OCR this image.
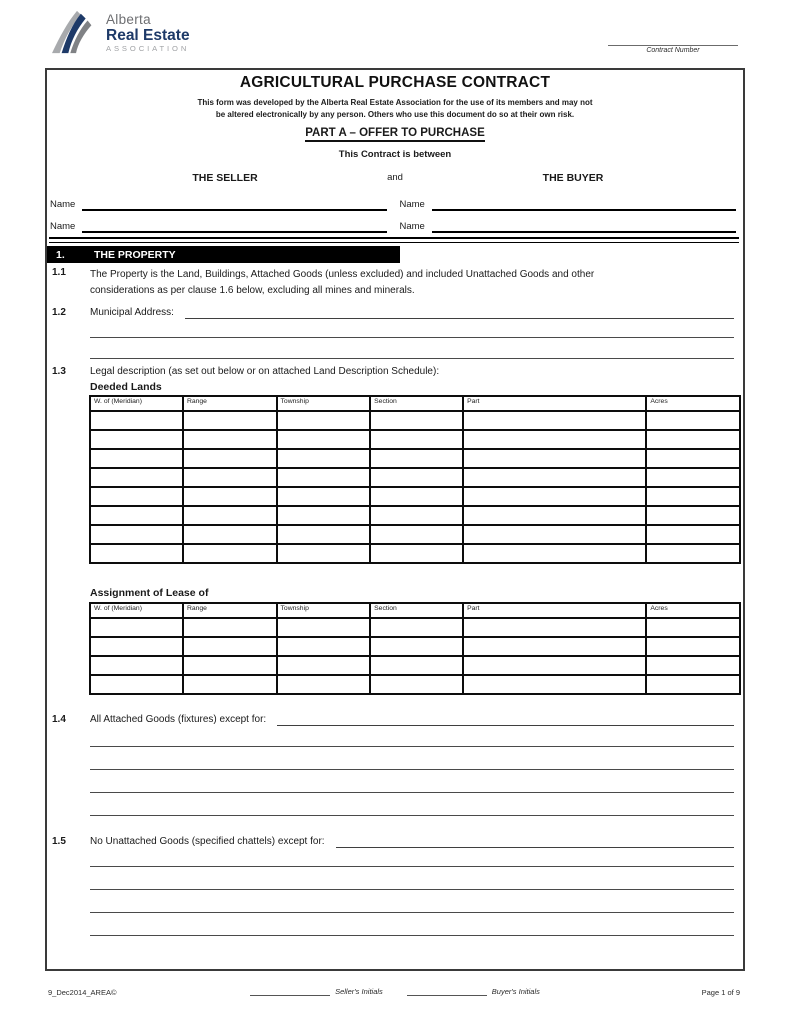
Alberta
Real Estate
ASSOCIATION	Contract Number
AGRICULTURAL PURCHASE CONTRACT
This form was developed by the Alberta Real Estate Association for the use of its members and may not
be altered electronically by any person. Others who use this document do so at their own risk.
PART A – OFFER TO PURCHASE
This Contract is between
THE SELLER	and	THE BUYER
Name	Name
Name	Name
1.	THE PROPERTY
1.1	The Property is the Land, Buildings, Attached Goods (unless excluded) and included Unattached Goods and other considerations as per clause 1.6 below, excluding all mines and minerals.
1.2	Municipal Address:
1.3	Legal description (as set out below or on attached Land Description Schedule):
Deeded Lands
W. of (Meridian)	Range	Township	Section	Part	Acres

Assignment of Lease of
W. of (Meridian)	Range	Township	Section	Part	Acres

1.4	All Attached Goods (fixtures) except for:
1.5	No Unattached Goods (specified chattels) except for:
9_Dec2014_AREA©	Seller's Initials	Buyer's Initials	Page 1 of 9
